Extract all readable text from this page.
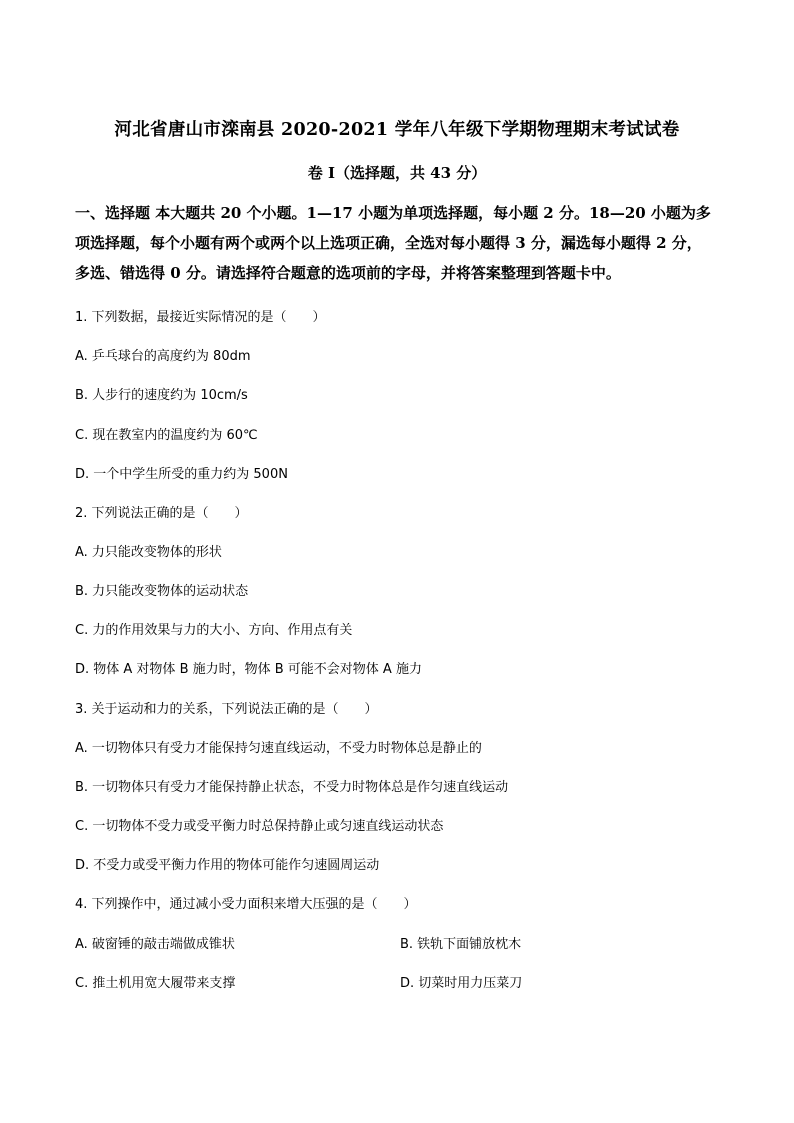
河北省唐山市滦南县 2020-2021 学年八年级下学期物理期末考试试卷
卷 I（选择题，共 43 分）
一、选择题 本大题共 20 个小题。1—17 小题为单项选择题，每小题 2 分。18—20 小题为多
项选择题，每个小题有两个或两个以上选项正确，全选对每小题得 3 分，漏选每小题得 2 分，
多选、错选得 0 分。请选择符合题意的选项前的字母，并将答案整理到答题卡中。
1. 下列数据，最接近实际情况的是（　　）
A. 乒乓球台的高度约为 80dm
B. 人步行的速度约为 10cm/s
C. 现在教室内的温度约为 60℃
D. 一个中学生所受的重力约为 500N
2. 下列说法正确的是（　　）
A. 力只能改变物体的形状
B. 力只能改变物体的运动状态
C. 力的作用效果与力的大小、方向、作用点有关
D. 物体 A 对物体 B 施力时，物体 B 可能不会对物体 A 施力
3. 关于运动和力的关系，下列说法正确的是（　　）
A. 一切物体只有受力才能保持匀速直线运动，不受力时物体总是静止的
B. 一切物体只有受力才能保持静止状态，不受力时物体总是作匀速直线运动
C. 一切物体不受力或受平衡力时总保持静止或匀速直线运动状态
D. 不受力或受平衡力作用的物体可能作匀速圆周运动
4. 下列操作中，通过减小受力面积来增大压强的是（　　）
A. 破窗锤的敲击端做成锥状	B. 铁轨下面铺放枕木
C. 推土机用宽大履带来支撑	D. 切菜时用力压菜刀
